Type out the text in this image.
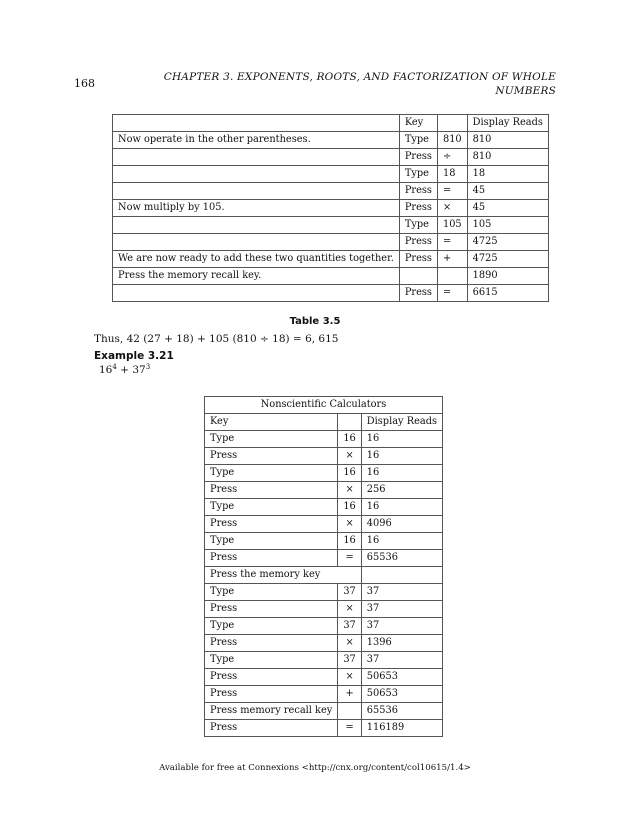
168	CHAPTER 3. EXPONENTS, ROOTS, AND FACTORIZATION OF WHOLE
NUMBERS
	Key		Display Reads
Now operate in the other parentheses.	Type	810	810
	Press	÷	810
	Type	18	18
	Press	=	45
Now multiply by 105.	Press	×	45
	Type	105	105
	Press	=	4725
We are now ready to add these two quantities together.	Press	+	4725
Press the memory recall key.			1890
	Press	=	6615
Table 3.5
Thus, 42 (27 + 18) + 105 (810 ÷ 18) = 6, 615
Example 3.21
$16^4 + 37^3$
Nonscientific Calculators		
Key		Display Reads
Type	16	16
Press	×	16
Type	16	16
Press	×	256
Type	16	16
Press	×	4096
Type	16	16
Press	=	65536
Press the memory key		
Type	37	37
Press	×	37
Type	37	37
Press	×	1396
Type	37	37
Press	×	50653
Press	+	50653
Press memory recall key		65536
Press	=	116189
Available for free at Connexions <http://cnx.org/content/col10615/1.4>
